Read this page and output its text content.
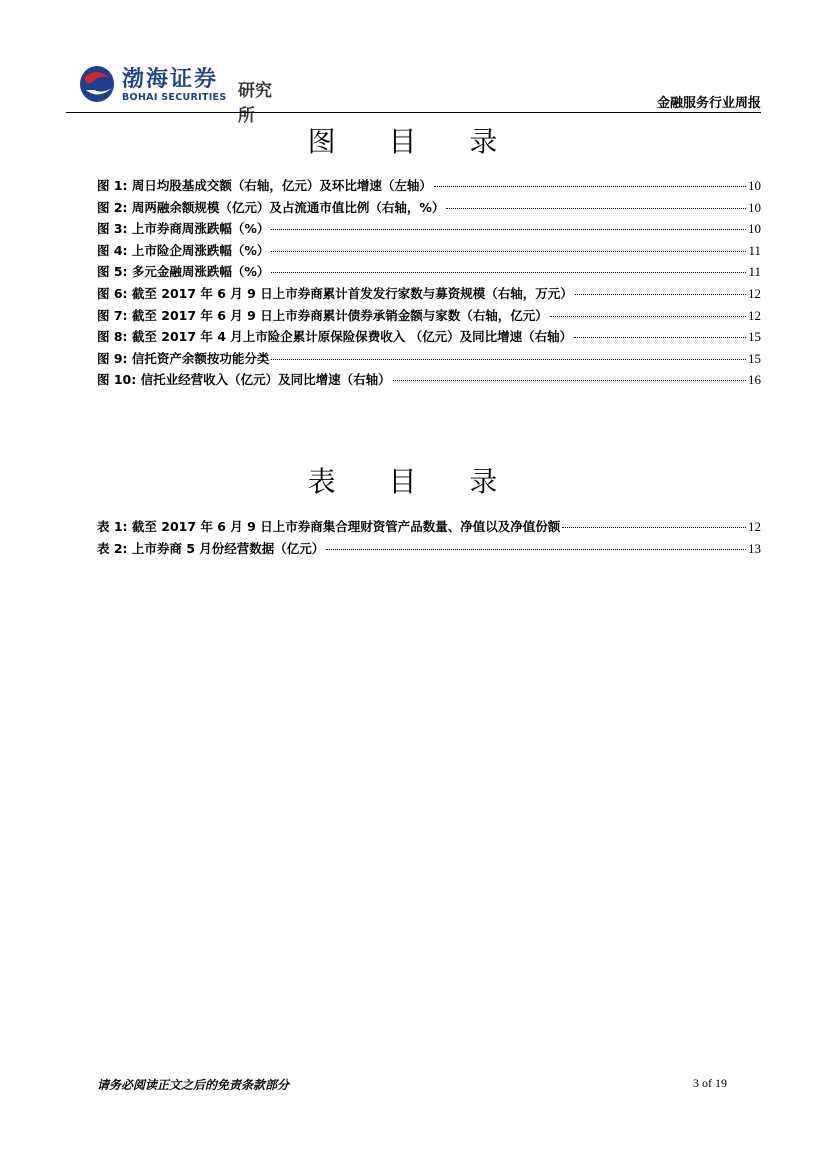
渤海证券
BOHAI SECURITIES 研究所
金融服务行业周报
图 目 录
图 1: 周日均股基成交额（右轴，亿元）及环比增速（左轴）	10
图 2: 周两融余额规模（亿元）及占流通市值比例（右轴，%）	10
图 3: 上市券商周涨跌幅（%）	10
图 4: 上市险企周涨跌幅（%）	11
图 5: 多元金融周涨跌幅（%）	11
图 6: 截至 2017 年 6 月 9 日上市券商累计首发发行家数与募资规模（右轴，万元）	12
图 7: 截至 2017 年 6 月 9 日上市券商累计债券承销金额与家数（右轴，亿元）	12
图 8: 截至 2017 年 4 月上市险企累计原保险保费收入 （亿元）及同比增速（右轴）	15
图 9: 信托资产余额按功能分类	15
图 10: 信托业经营收入（亿元）及同比增速（右轴）	16
表 目 录
表 1: 截至 2017 年 6 月 9 日上市券商集合理财资管产品数量、净值以及净值份额	12
表 2: 上市券商 5 月份经营数据（亿元）	13
请务必阅读正文之后的免责条款部分	3 of 19
